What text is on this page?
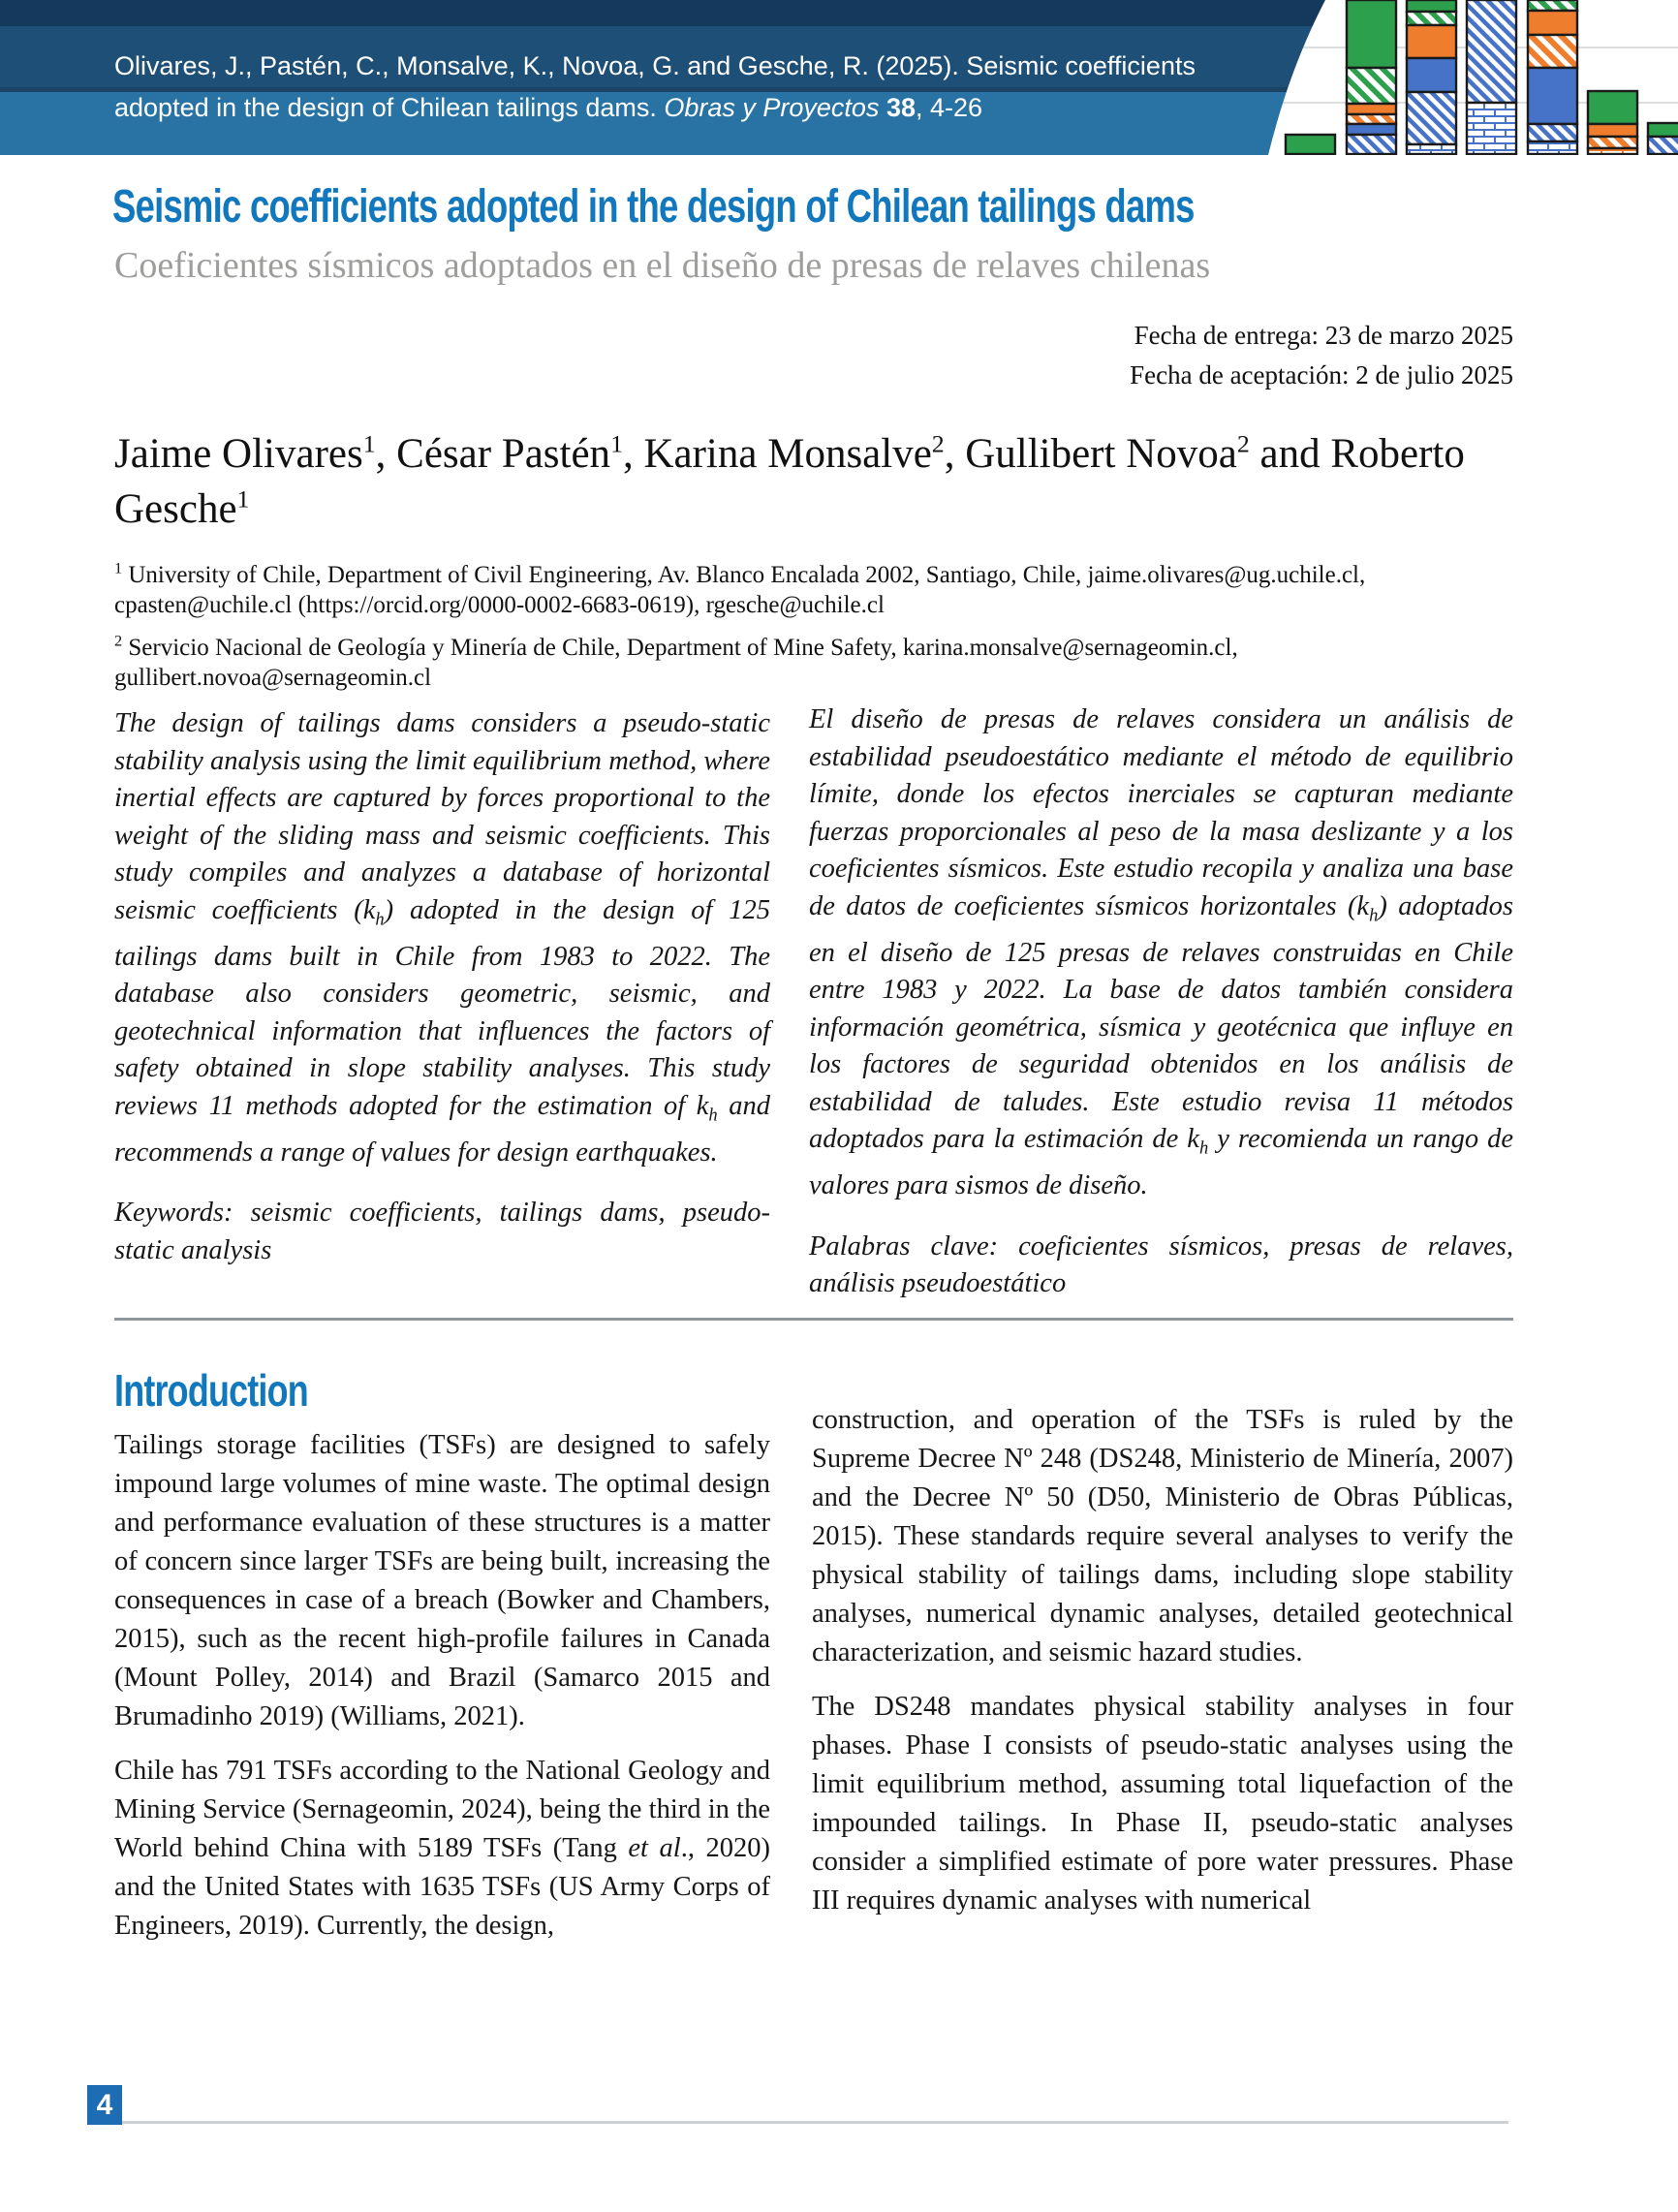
Olivares, J., Pastén, C., Monsalve, K., Novoa, G. and Gesche, R. (2025). Seismic coefficients
adopted in the design of Chilean tailings dams. Obras y Proyectos 38, 4-26
Seismic coefficients adopted in the design of Chilean tailings dams
Coeficientes sísmicos adoptados en el diseño de presas de relaves chilenas
Fecha de entrega: 23 de marzo 2025
Fecha de aceptación: 2 de julio 2025
Jaime Olivares$^1$, César Pastén$^1$, Karina Monsalve$^2$, Gullibert Novoa$^2$ and Roberto Gesche$^1$

$^1$ University of Chile, Department of Civil Engineering, Av. Blanco Encalada 2002, Santiago, Chile, jaime.olivares@ug.uchile.cl, cpasten@uchile.cl (https://orcid.org/0000-0002-6683-0619), rgesche@uchile.cl

$^2$ Servicio Nacional de Geología y Minería de Chile, Department of Mine Safety, karina.monsalve@sernageomin.cl, gullibert.novoa@sernageomin.cl

The design of tailings dams considers a pseudo-static stability analysis using the limit equilibrium method, where inertial effects are captured by forces proportional to the weight of the sliding mass and seismic coefficients. This study compiles and analyzes a database of horizontal seismic coefficients $(k_h)$ adopted in the design of 125 tailings dams built in Chile from 1983 to 2022. The database also considers geometric, seismic, and geotechnical information that influences the factors of safety obtained in slope stability analyses. This study reviews 11 methods adopted for the estimation of $k_h$ and recommends a range of values for design earthquakes.

Keywords: seismic coefficients, tailings dams, pseudo-static analysis

El diseño de presas de relaves considera un análisis de estabilidad pseudoestático mediante el método de equilibrio límite, donde los efectos inerciales se capturan mediante fuerzas proporcionales al peso de la masa deslizante y a los coeficientes sísmicos. Este estudio recopila y analiza una base de datos de coeficientes sísmicos horizontales $(k_h)$ adoptados en el diseño de 125 presas de relaves construidas en Chile entre 1983 y 2022. La base de datos también considera información geométrica, sísmica y geotécnica que influye en los factores de seguridad obtenidos en los análisis de estabilidad de taludes. Este estudio revisa 11 métodos adoptados para la estimación de $k_h$ y recomienda un rango de valores para sismos de diseño.

Palabras clave: coeficientes sísmicos, presas de relaves, análisis pseudoestático

Introduction

Tailings storage facilities (TSFs) are designed to safely impound large volumes of mine waste. The optimal design and performance evaluation of these structures is a matter of concern since larger TSFs are being built, increasing the consequences in case of a breach (Bowker and Chambers, 2015), such as the recent high-profile failures in Canada (Mount Polley, 2014) and Brazil (Samarco 2015 and Brumadinho 2019) (Williams, 2021).

Chile has 791 TSFs according to the National Geology and Mining Service (Sernageomin, 2024), being the third in the World behind China with 5189 TSFs (Tang et al., 2020) and the United States with 1635 TSFs (US Army Corps of Engineers, 2019). Currently, the design,

construction, and operation of the TSFs is ruled by the Supreme Decree Nº 248 (DS248, Ministerio de Minería, 2007) and the Decree Nº 50 (D50, Ministerio de Obras Públicas, 2015). These standards require several analyses to verify the physical stability of tailings dams, including slope stability analyses, numerical dynamic analyses, detailed geotechnical characterization, and seismic hazard studies.

The DS248 mandates physical stability analyses in four phases. Phase I consists of pseudo-static analyses using the limit equilibrium method, assuming total liquefaction of the impounded tailings. In Phase II, pseudo-static analyses consider a simplified estimate of pore water pressures. Phase III requires dynamic analyses with numerical

4
